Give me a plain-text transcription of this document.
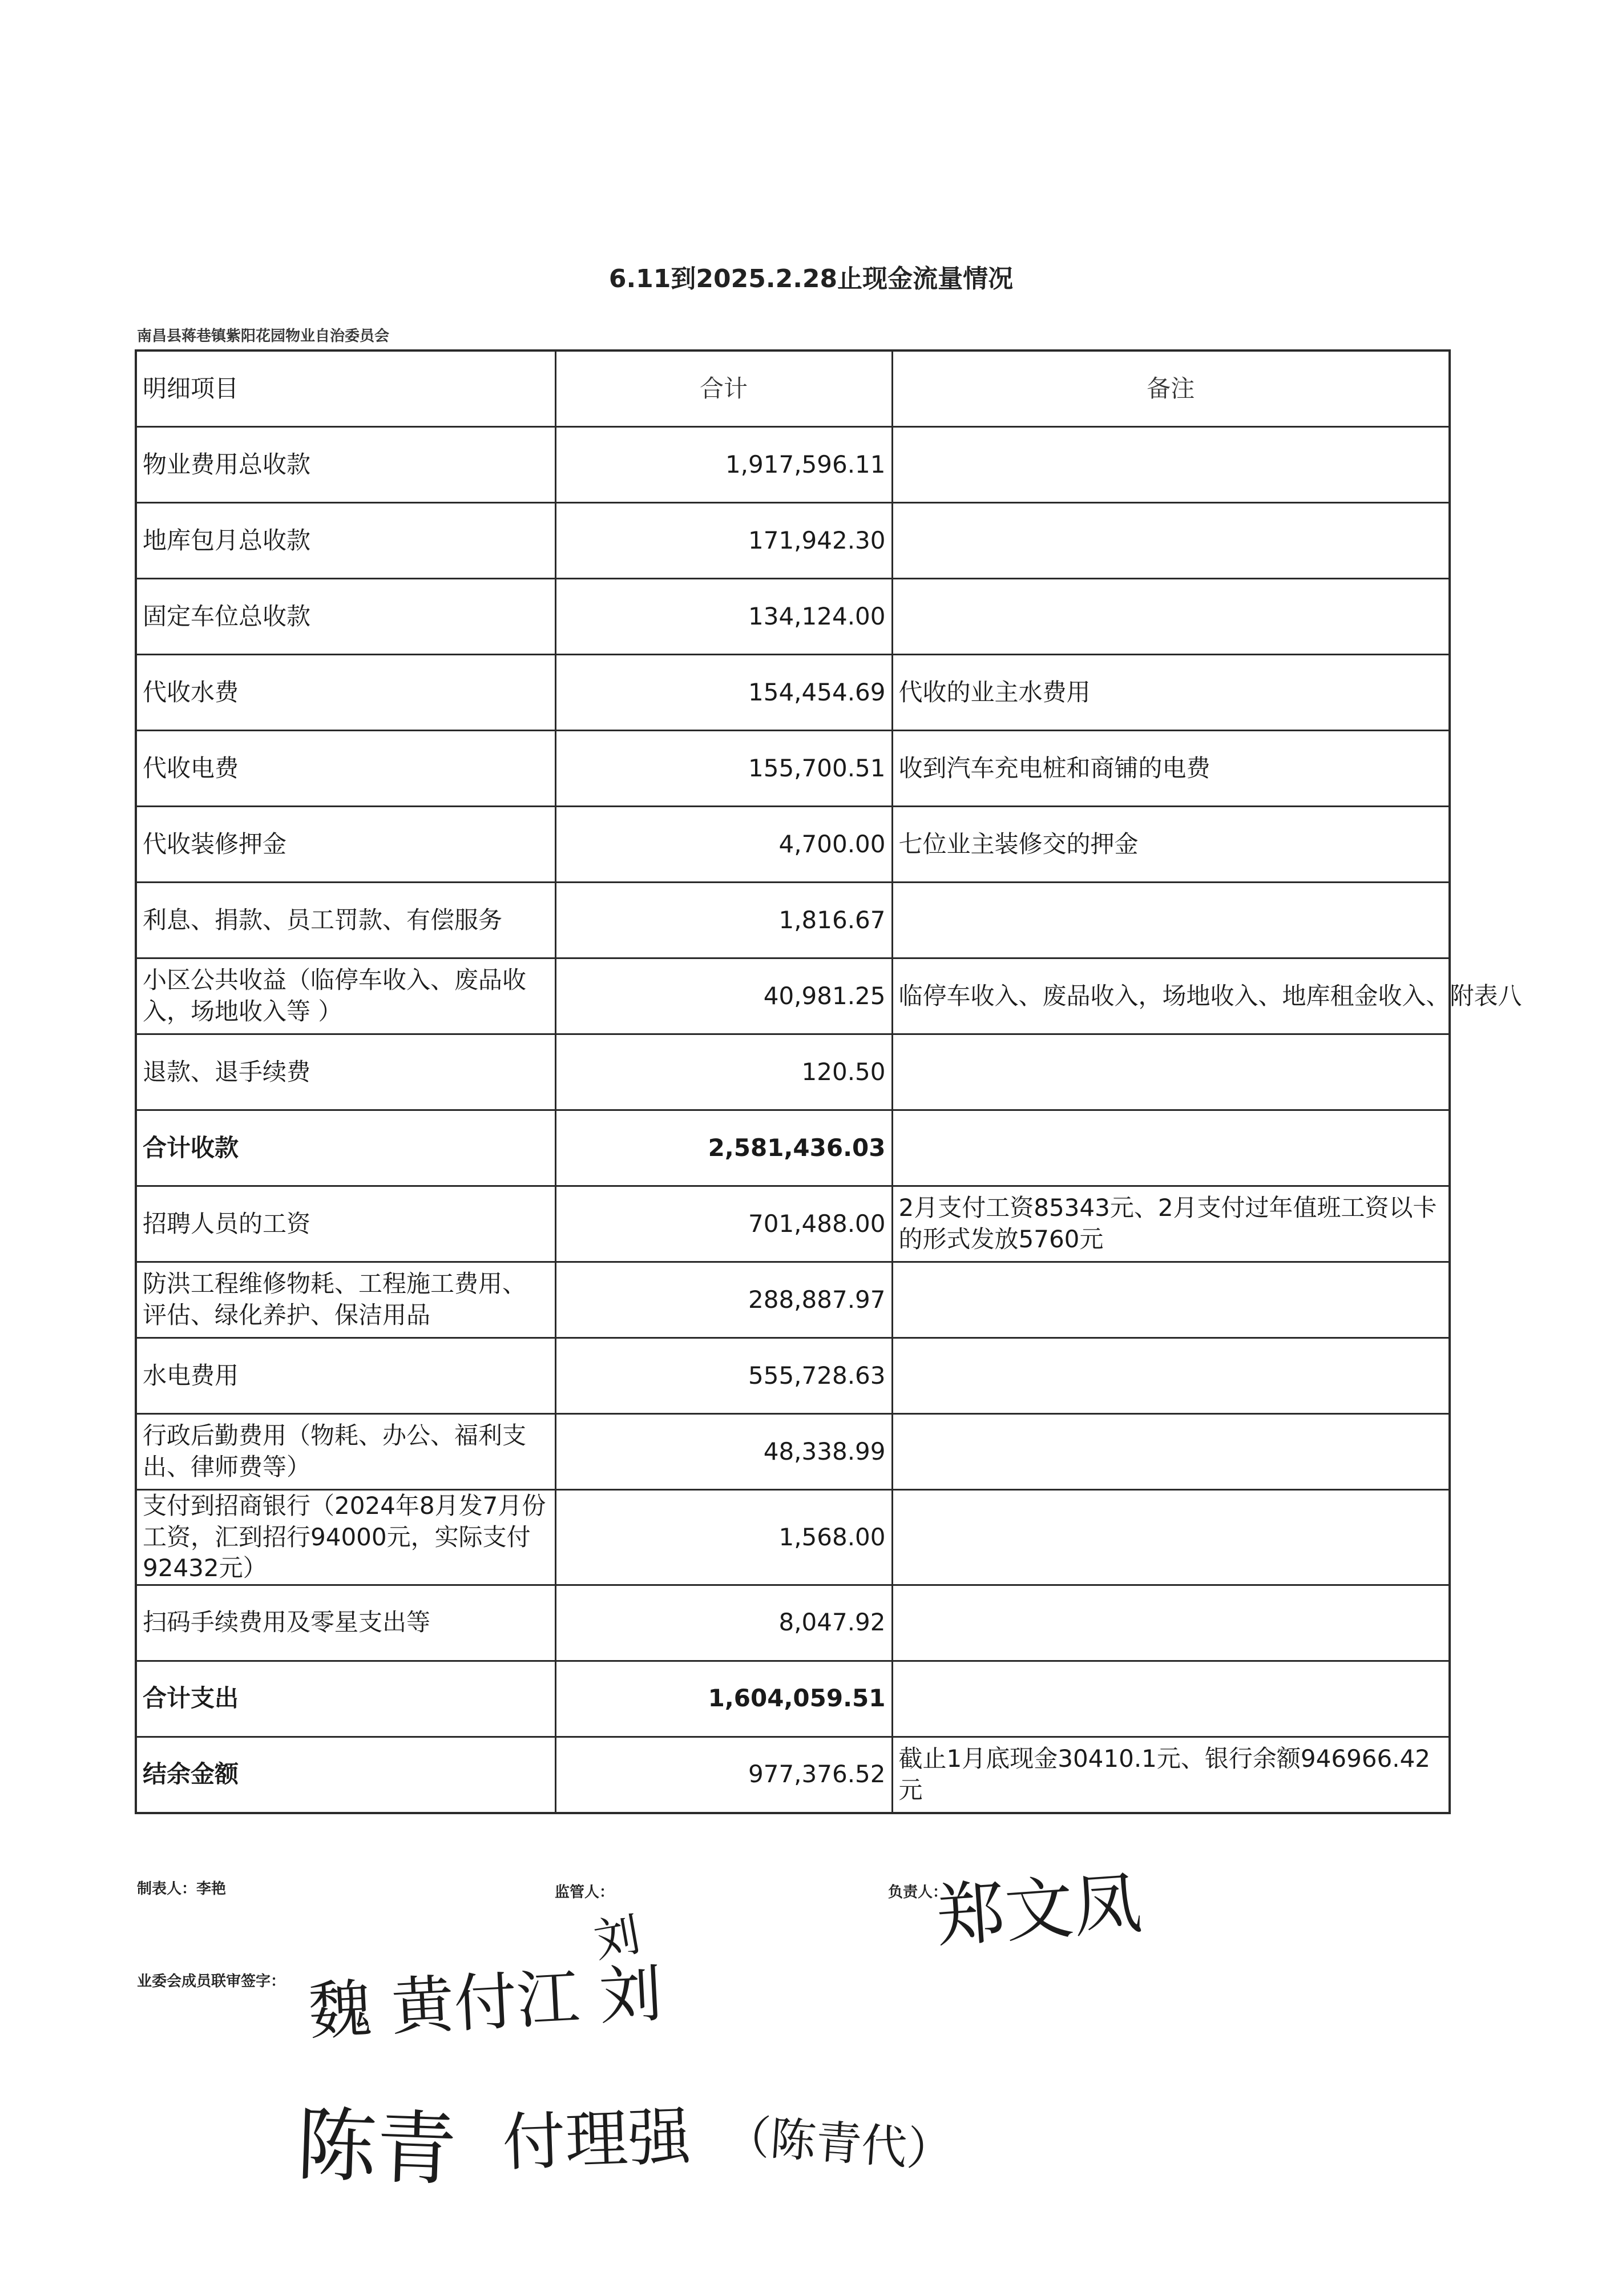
6.11到2025.2.28止现金流量情况
南昌县蒋巷镇紫阳花园物业自治委员会
明细项目	合计	备注
物业费用总收款	1,917,596.11	
地库包月总收款	171,942.30	
固定车位总收款	134,124.00	
代收水费	154,454.69	代收的业主水费用
代收电费	155,700.51	收到汽车充电桩和商铺的电费
代收装修押金	4,700.00	七位业主装修交的押金
利息、捐款、员工罚款、有偿服务	1,816.67	
小区公共收益（临停车收入、废品收入，场地收入等 ）	40,981.25	临停车收入、废品收入，场地收入、地库租金收入、附表八
退款、退手续费	120.50	
合计收款	2,581,436.03	
招聘人员的工资	701,488.00	2月支付工资85343元、2月支付过年值班工资以卡的形式发放5760元
防洪工程维修物耗、工程施工费用、评估、绿化养护、保洁用品	288,887.97	
水电费用	555,728.63	
行政后勤费用（物耗、办公、福利支出、律师费等）	48,338.99	
支付到招商银行（2024年8月发7月份工资，汇到招行94000元，实际支付92432元）	1,568.00	
扫码手续费用及零星支出等	8,047.92	
合计支出	1,604,059.51	
结余金额	977,376.52	截止1月底现金30410.1元、银行余额946966.42元
制表人：李艳	监管人：	负责人：
业委会成员联审签字：
郑文凤
刘
魏 黄付江 刘
陈青 付理强 （陈青代）
